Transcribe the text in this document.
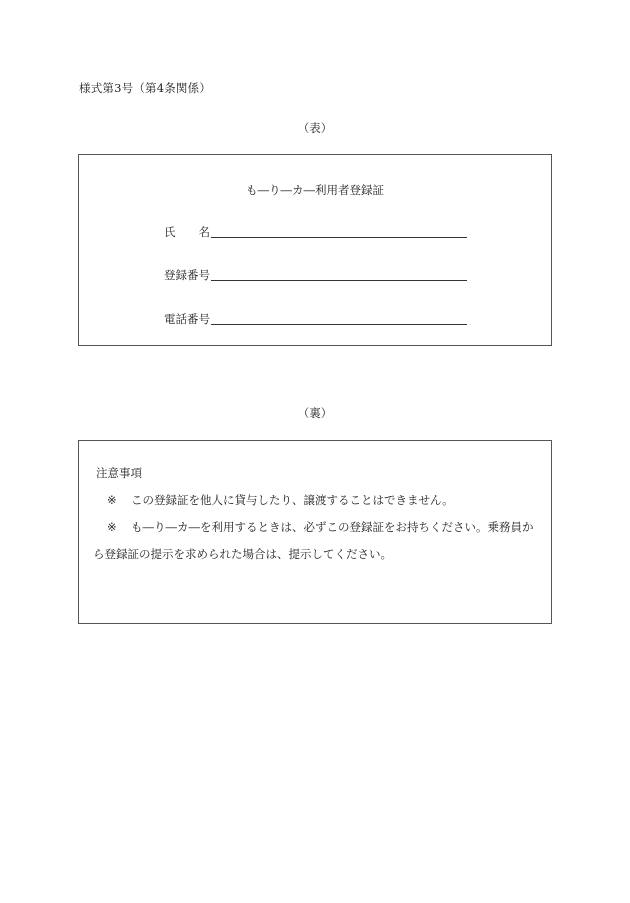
様式第3号（第4条関係）
（表）
も―り―カ―利用者登録証
氏　　名
登録番号
電話番号
（裏）
注意事項
※ この登録証を他人に貸与したり、譲渡することはできません。
※ も―り―カ―を利用するときは、必ずこの登録証をお持ちください。乗務員か
ら登録証の提示を求められた場合は、提示してください。
